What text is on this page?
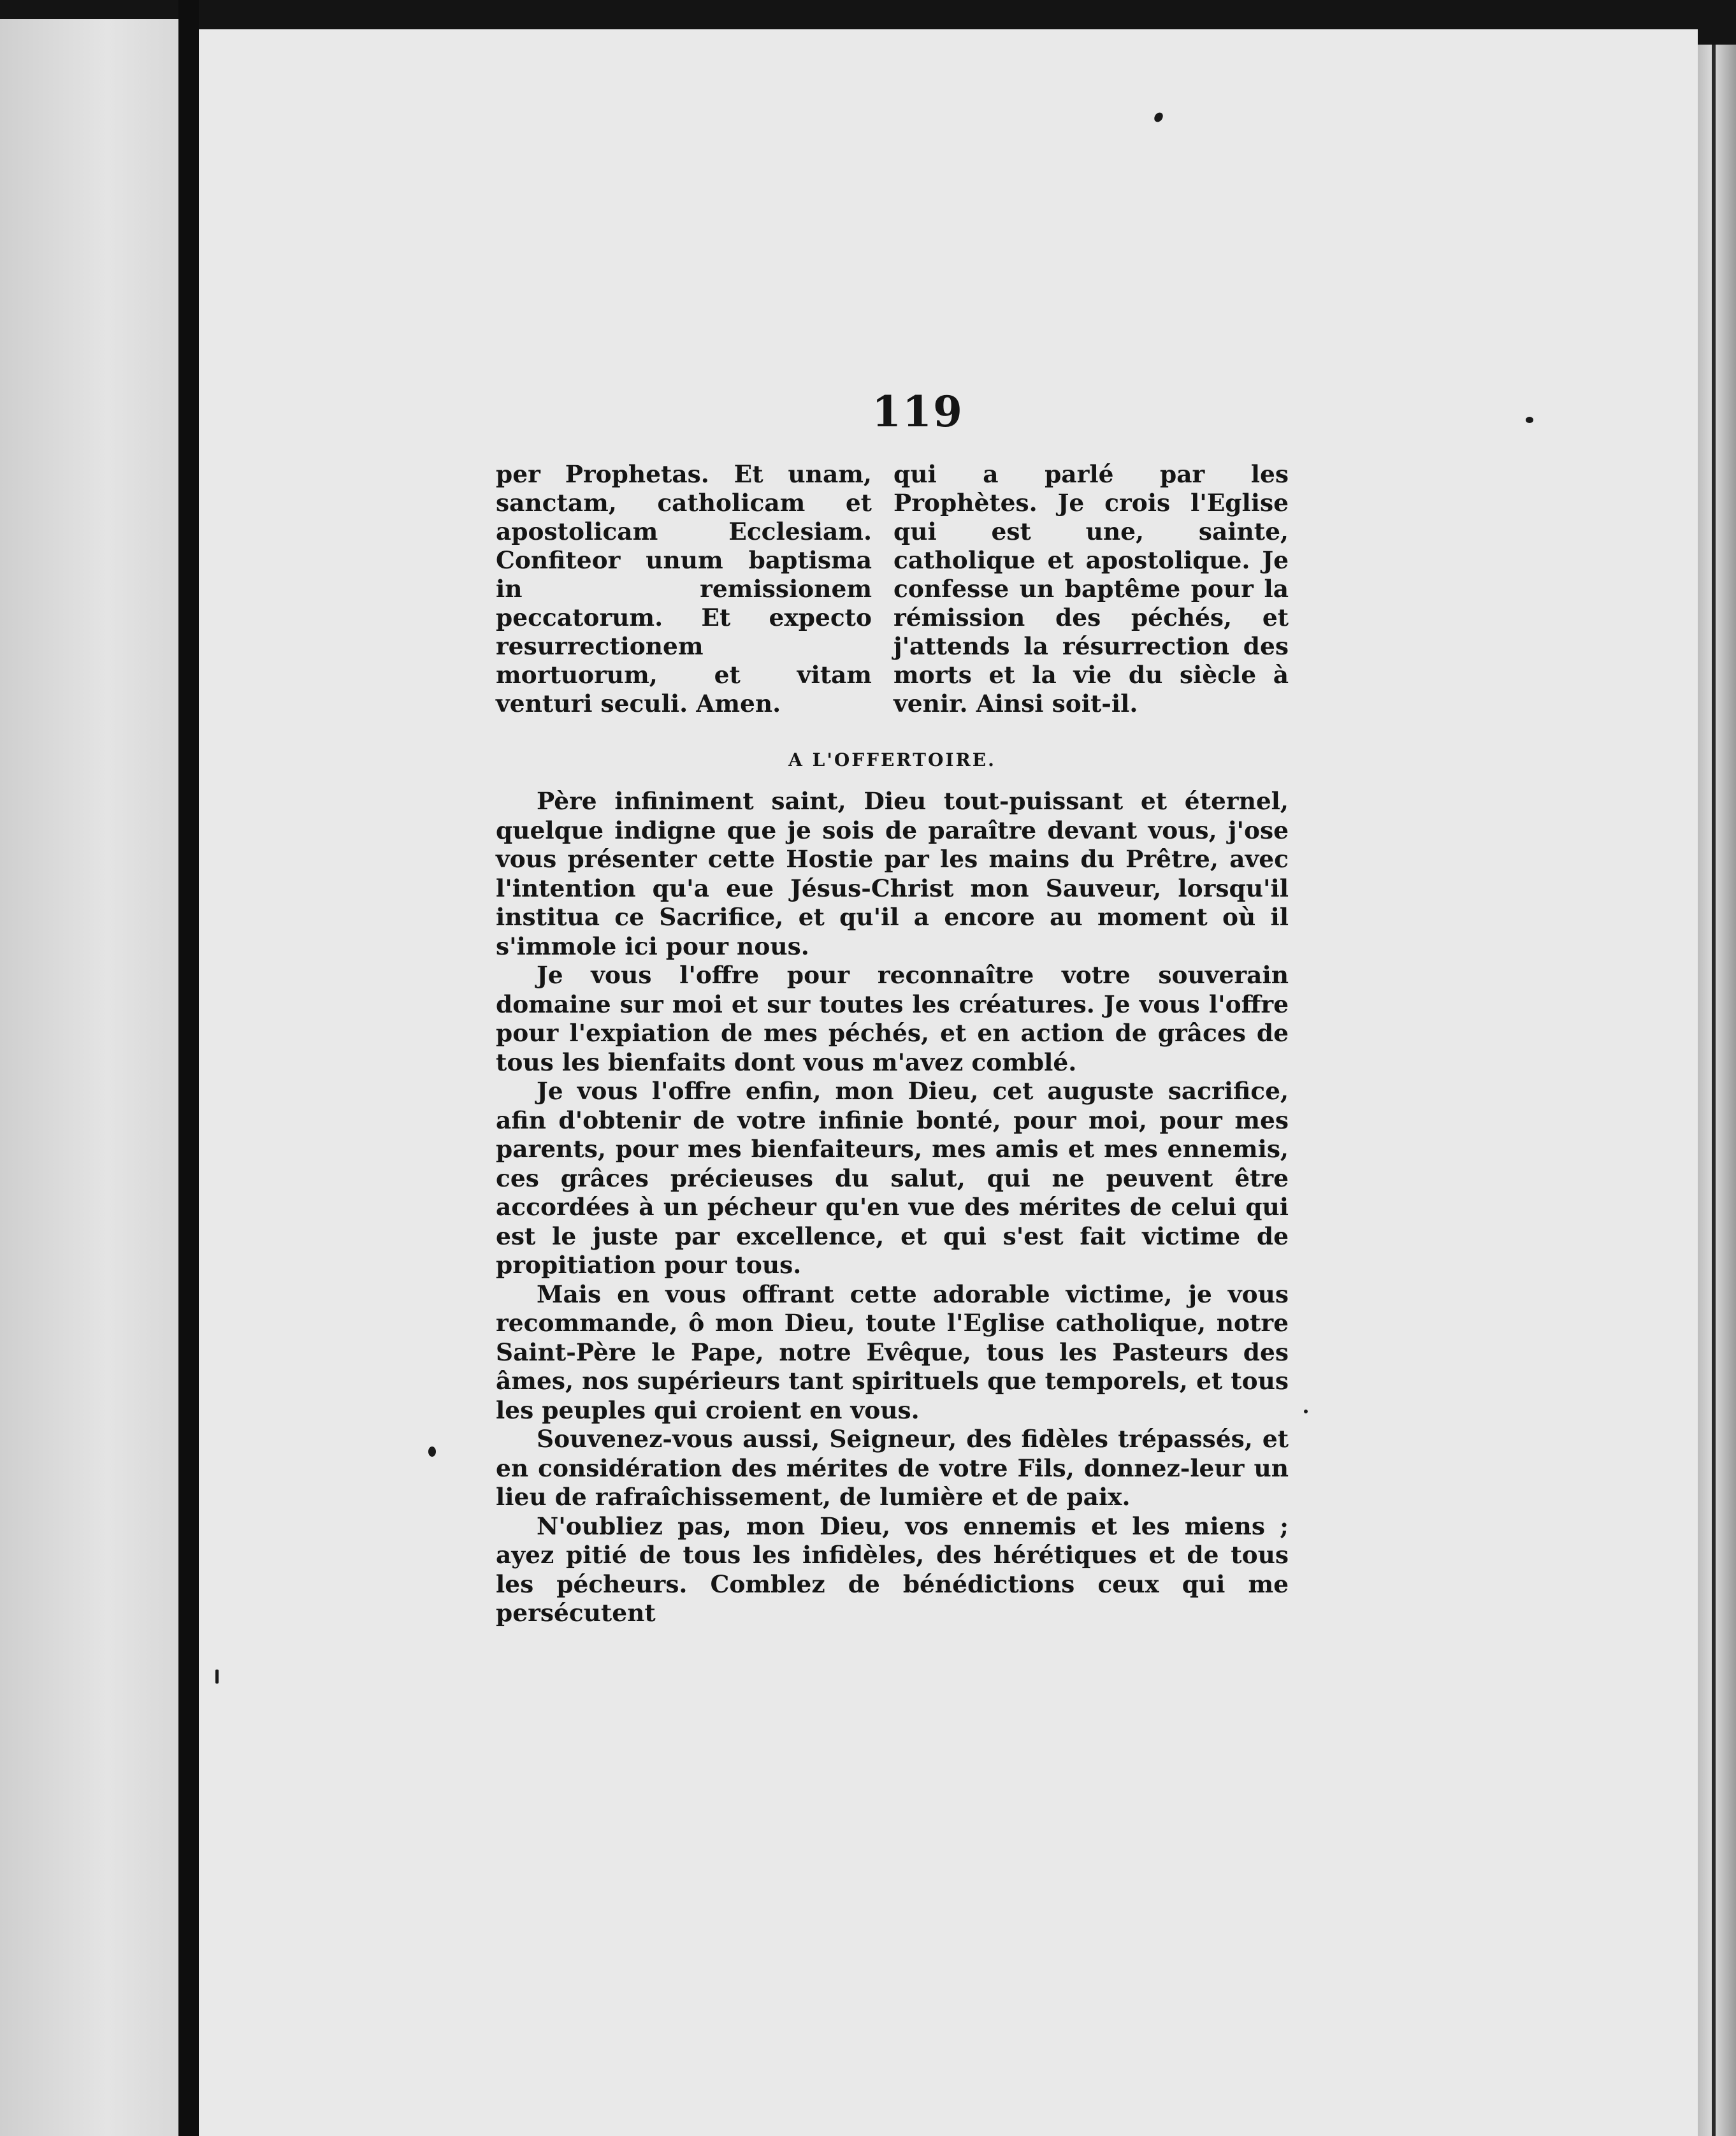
119

per Prophetas. Et unam, sanctam, catholicam et apostolicam Ecclesiam. Confiteor unum baptisma in remissionem peccatorum. Et expecto resurrectionem mortuorum, et vitam venturi seculi. Amen.

qui a parlé par les Prophètes. Je crois l'Eglise qui est une, sainte, catholique et apostolique. Je confesse un baptême pour la rémission des péchés, et j'attends la résurrection des morts et la vie du siècle à venir. Ainsi soit-il.

A L'OFFERTOIRE.

Père infiniment saint, Dieu tout-puissant et éternel, quelque indigne que je sois de paraître devant vous, j'ose vous présenter cette Hostie par les mains du Prêtre, avec l'intention qu'a eue Jésus-Christ mon Sauveur, lorsqu'il institua ce Sacrifice, et qu'il a encore au moment où il s'immole ici pour nous.

Je vous l'offre pour reconnaître votre souverain domaine sur moi et sur toutes les créatures. Je vous l'offre pour l'expiation de mes péchés, et en action de grâces de tous les bienfaits dont vous m'avez comblé.

Je vous l'offre enfin, mon Dieu, cet auguste sacrifice, afin d'obtenir de votre infinie bonté, pour moi, pour mes parents, pour mes bienfaiteurs, mes amis et mes ennemis, ces grâces précieuses du salut, qui ne peuvent être accordées à un pécheur qu'en vue des mérites de celui qui est le juste par excellence, et qui s'est fait victime de propitiation pour tous.

Mais en vous offrant cette adorable victime, je vous recommande, ô mon Dieu, toute l'Eglise catholique, notre Saint-Père le Pape, notre Evêque, tous les Pasteurs des âmes, nos supérieurs tant spirituels que temporels, et tous les peuples qui croient en vous.

Souvenez-vous aussi, Seigneur, des fidèles trépassés, et en considération des mérites de votre Fils, donnez-leur un lieu de rafraîchissement, de lumière et de paix.

N'oubliez pas, mon Dieu, vos ennemis et les miens ; ayez pitié de tous les infidèles, des hérétiques et de tous les pécheurs. Comblez de bénédictions ceux qui me persécutent
